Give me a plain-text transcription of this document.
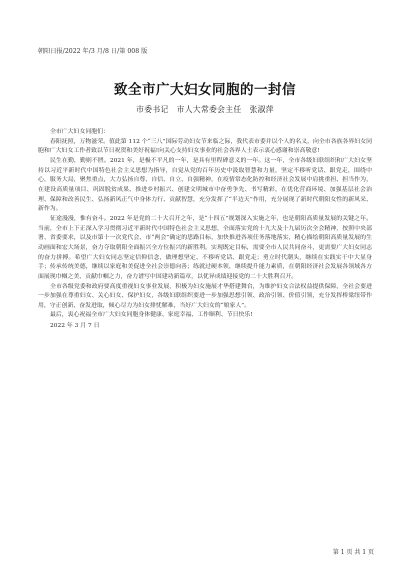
朝阳日报/2022 年/3 月/8 日/第 008 版
致全市广大妇女同胞的一封信
市委书记　市人大常委会主任　张淑萍

全市广大妇女同胞们：

春阳抚照，万物滋荣。值此第 112 个“三八”国际劳动妇女节来临之际，我代表市委并以个人的名义，向全市各族各界妇女同胞和广大妇女工作者致以节日祝贺和美好祝福!向关心支持妇女事业的社会各界人士表示衷心感谢和崇高敬意!

民生在勤，勤则不匮。2021 年，是极不平凡的一年，是具有里程碑意义的一年。这一年，全市各级妇联组织和广大妇女坚持以习近平新时代中国特色社会主义思想为指导，自觉从党的百年历史中汲取智慧和力量，坚定不移听党话、跟党走，围绕中心，服务大局，聚焦重点，大力弘扬自尊、自信、自立、自强精神，在疫情常态化防控和经济社会发展中肩挑重担、担当作为，在建设高质量项目、巩固脱贫成果、推进乡村振兴、创建文明城市中奋勇争先、书写精彩，在优化营商环境、加强基层社会治理、保障和改善民生、弘扬新风正气中身体力行、贡献智慧，充分发挥了“半边天”作用，充分展现了新时代朝阳女性的新风采、新作为。

征途漫漫，惟有奋斗。2022 年是党的二十大召开之年，是“十四五”规划深入实施之年，也是朝阳高质量发展的关键之年。当前，全市上下正深入学习贯彻习近平新时代中国特色社会主义思想，全面落实党的十九大及十九届历次全会精神，按照中央部署、省委要求，以及市第十一次党代会、市“两会”确定的思路目标，加快推进各项任务落地落实，精心描绘朝阳高质量发展的生动画面和宏大场景，奋力夺取朝阳全面振兴全方位振兴的新胜利。实现既定目标，需要全市人民共同奋斗，更需要广大妇女同志的奋力拼搏。希望广大妇女同志坚定信仰信念，做理想坚定、不移听党话、跟党走；勇立时代潮头，继续在实践实干中大显身手；传承传统美德，继续以家庭和美促进全社会崇德向善；练就过硬本领，继续提升能力素质，在朝阳经济社会发展各领域各方面展现巾帼之美、贡献巾帼之力，奋力谱写中国建功新篇章，以优异成绩迎接党的二十大胜利召开。

全市各级党委和政府要高度重视妇女事业发展，积极为妇女施展才华搭建舞台，为维护妇女合法权益提供保障，全社会要进一步加强在尊重妇女、关心妇女、保护妇女，各级妇联组织要进一步加强思想引领、政治引领、价值引领，充分发挥桥梁纽带作用，守正创新、奋发进取，倾心尽力为妇女排忧解难，当好广大妇女的“娘家人”。

最后，衷心祝福全市广大妇女同胞身体健康、家庭幸福、工作顺利、节日快乐!

2022 年 3 月 7 日
第 1 页 共 1 页
